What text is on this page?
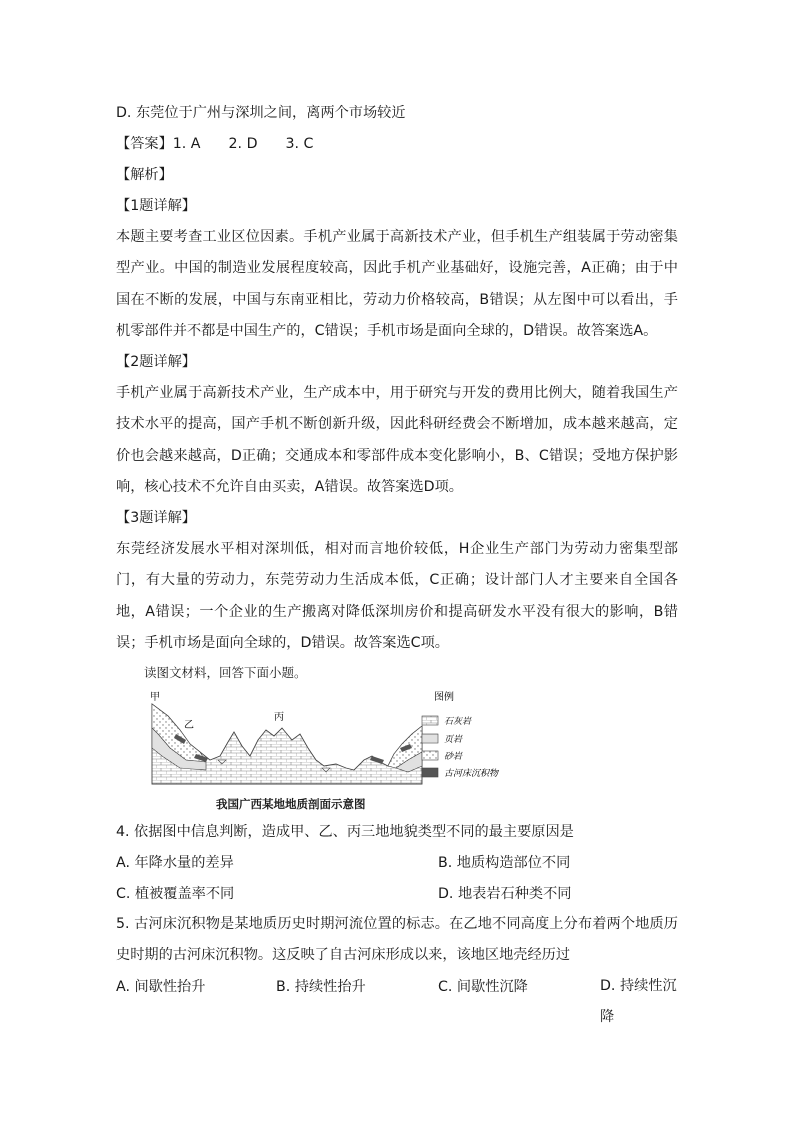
D. 东莞位于广州与深圳之间，离两个市场较近
【答案】1. A 2. D 3. C
【解析】
【1题详解】
本题主要考查工业区位因素。手机产业属于高新技术产业，但手机生产组装属于劳动密集型产业。中国的制造业发展程度较高，因此手机产业基础好，设施完善，A正确；由于中国在不断的发展，中国与东南亚相比，劳动力价格较高，B错误；从左图中可以看出，手机零部件并不都是中国生产的，C错误；手机市场是面向全球的，D错误。故答案选A。
【2题详解】
手机产业属于高新技术产业，生产成本中，用于研究与开发的费用比例大，随着我国生产技术水平的提高，国产手机不断创新升级，因此科研经费会不断增加，成本越来越高，定价也会越来越高，D正确；交通成本和零部件成本变化影响小，B、C错误；受地方保护影响，核心技术不允许自由买卖，A错误。故答案选D项。
【3题详解】
东莞经济发展水平相对深圳低，相对而言地价较低，H企业生产部门为劳动力密集型部门，有大量的劳动力，东莞劳动力生活成本低，C正确；设计部门人才主要来自全国各地，A错误；一个企业的生产搬离对降低深圳房价和提高研发水平没有很大的影响，B错误；手机市场是面向全球的，D错误。故答案选C项。
读图文材料，回答下面小题。
甲
乙
丙
图例
石灰岩
页岩
砂岩
古河床沉积物
我国广西某地地质剖面示意图
4. 依据图中信息判断，造成甲、乙、丙三地地貌类型不同的最主要原因是
A. 年降水量的差异	B. 地质构造部位不同
C. 植被覆盖率不同	D. 地表岩石种类不同
5. 古河床沉积物是某地质历史时期河流位置的标志。在乙地不同高度上分布着两个地质历史时期的古河床沉积物。这反映了自古河床形成以来，该地区地壳经历过
A. 间歇性抬升	B. 持续性抬升	C. 间歇性沉降	D. 持续性沉降
